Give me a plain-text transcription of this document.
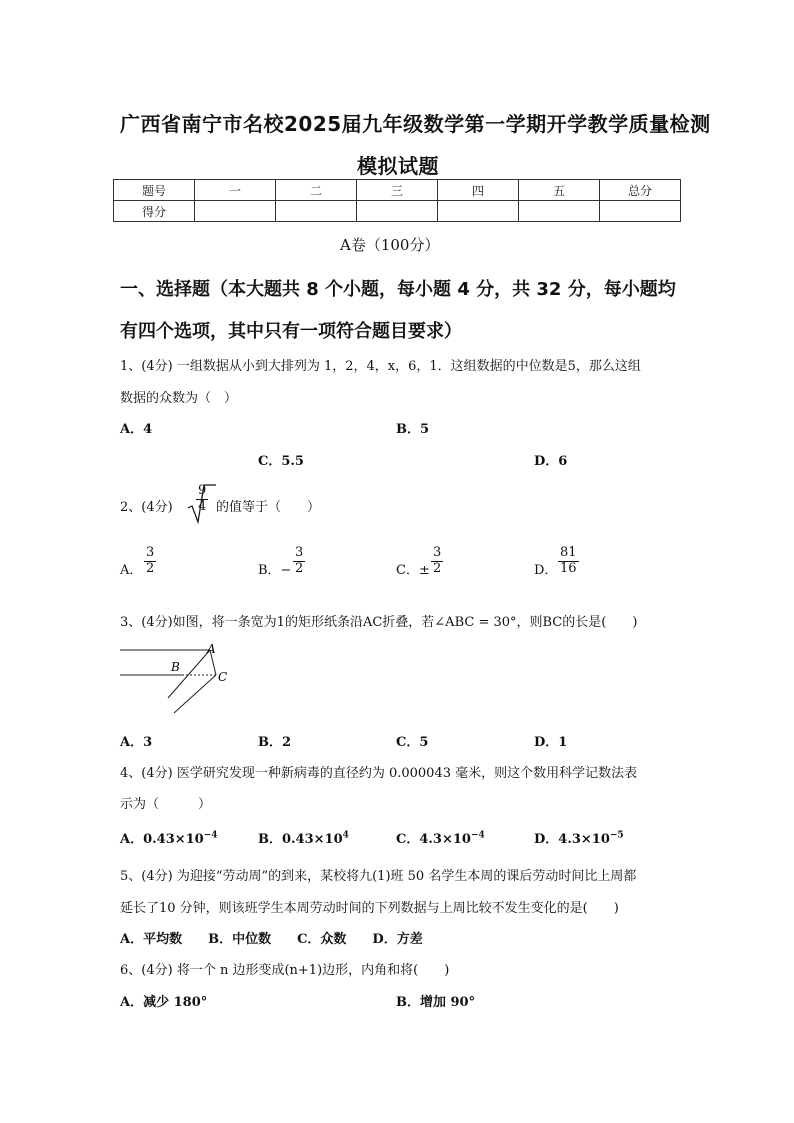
广西省南宁市名校2025届九年级数学第一学期开学教学质量检测
模拟试题
题号	一	二	三	四	五	总分
得分						
A卷（100分）
一、选择题（本大题共 8 个小题，每小题 4 分，共 32 分，每小题均
有四个选项，其中只有一项符合题目要求）
1、(4分) 一组数据从小到大排列为 1，2，4，x，6，1．这组数据的中位数是5，那么这组
数据的众数为（　）
A．4	B．5
C．5.5	D．6
2、(4分) $\frac{9}{4}$ 的值等于（　　）
A． $\frac{3}{2}$	B．− $\frac{3}{2}$	C．± $\frac{3}{2}$	D． $\frac{81}{16}$
3、(4分)如图，将一条宽为1的矩形纸条沿AC折叠，若∠ABC = 30°，则BC的长是(　　)
A
B
C
A．3	B．2	C．5	D．1
4、(4分) 医学研究发现一种新病毒的直径约为 0.000043 毫米，则这个数用科学记数法表
示为（　　　）
A．$0.43\times 10^{-4}$	B．$0.43\times 10^4$	C．$4.3\times 10^{-4}$	D．$4.3\times 10^{-5}$
5、(4分) 为迎接“劳动周”的到来，某校将九(1)班 50 名学生本周的课后劳动时间比上周都
延长了10 分钟，则该班学生本周劳动时间的下列数据与上周比较不发生变化的是(　　)
A．平均数　　B．中位数　　C．众数　　D．方差
6、(4分) 将一个 n 边形变成(n+1)边形，内角和将(　　)
A．减少 180°	B．增加 90°
